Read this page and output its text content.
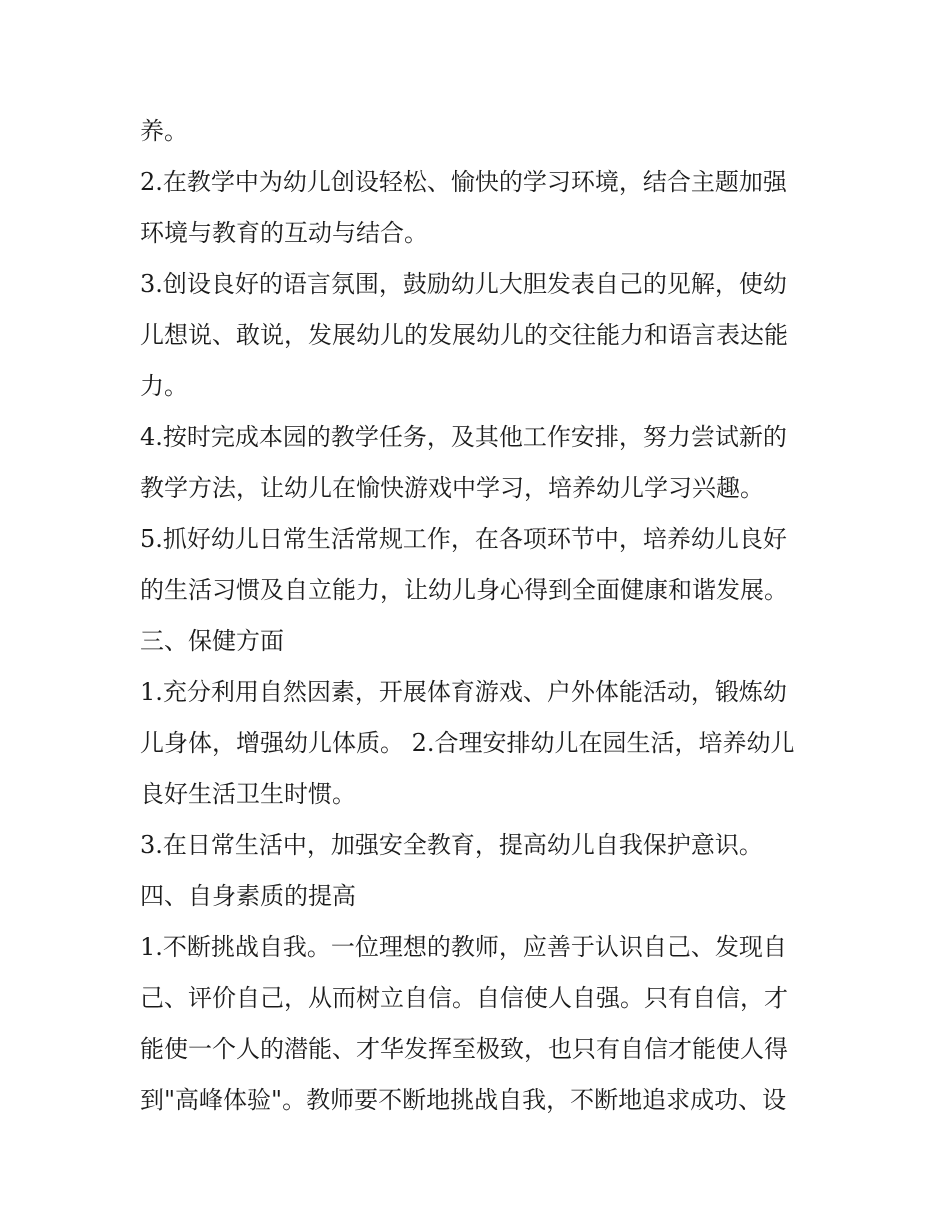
养。
2.在教学中为幼儿创设轻松、愉快的学习环境，结合主题加强
环境与教育的互动与结合。
3.创设良好的语言氛围，鼓励幼儿大胆发表自己的见解，使幼
儿想说、敢说，发展幼儿的发展幼儿的交往能力和语言表达能
力。
4.按时完成本园的教学任务，及其他工作安排，努力尝试新的
教学方法，让幼儿在愉快游戏中学习，培养幼儿学习兴趣。
5.抓好幼儿日常生活常规工作，在各项环节中，培养幼儿良好
的生活习惯及自立能力，让幼儿身心得到全面健康和谐发展。
三、保健方面
1.充分利用自然因素，开展体育游戏、户外体能活动，锻炼幼
儿身体，增强幼儿体质。 2.合理安排幼儿在园生活，培养幼儿
良好生活卫生时惯。
3.在日常生活中，加强安全教育，提高幼儿自我保护意识。
四、自身素质的提高
1.不断挑战自我。一位理想的教师，应善于认识自己、发现自
己、评价自己，从而树立自信。自信使人自强。只有自信，才
能使一个人的潜能、才华发挥至极致，也只有自信才能使人得
到"高峰体验"。教师要不断地挑战自我，不断地追求成功、设
